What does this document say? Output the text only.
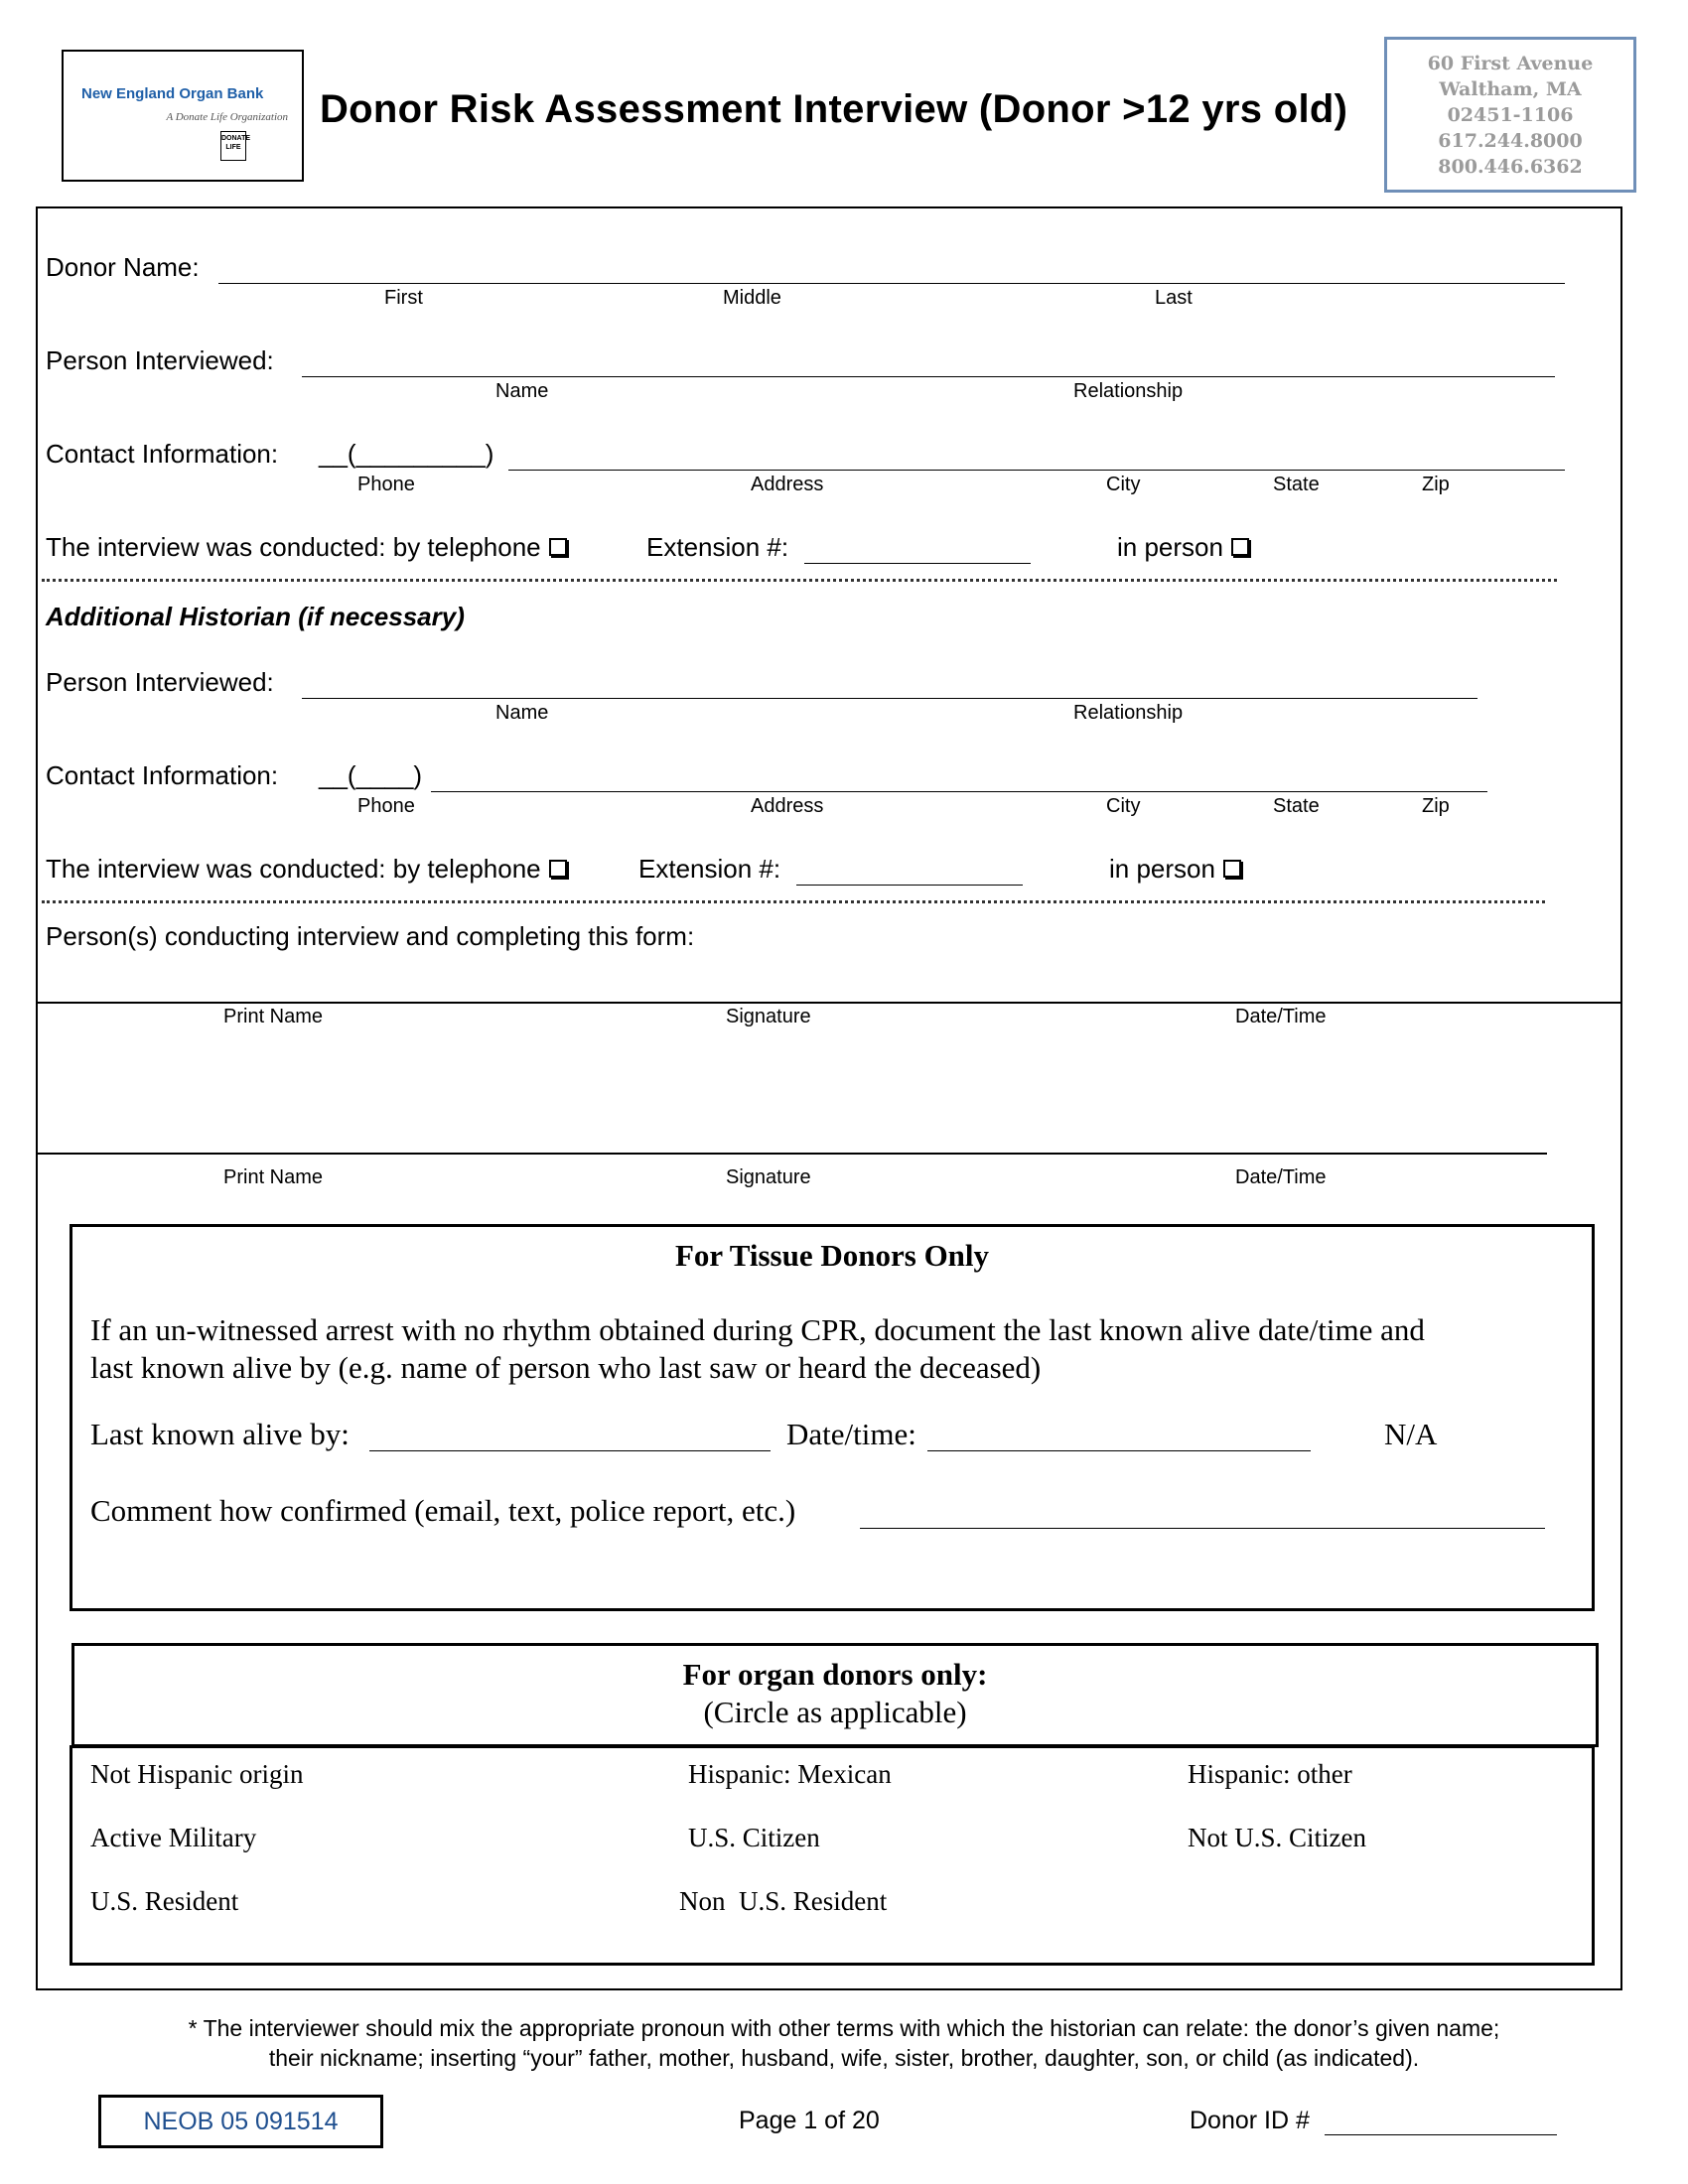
New England Organ Bank
A Donate Life Organization
DONATE
LIFE
Donor Risk Assessment Interview (Donor >12 yrs old)
60 First Avenue
Waltham, MA
02451-1106
617.244.8000
800.446.6362
Donor Name:
First	Middle	Last
Person Interviewed:
Name	Relationship
Contact Information: __(_________)
Phone	Address	City	State	Zip
The interview was conducted: by telephone	Extension #:	in person
Additional Historian (if necessary)
Person Interviewed:
Name	Relationship
Contact Information: __(____)
Phone	Address	City	State	Zip
The interview was conducted: by telephone	Extension #:	in person
Person(s) conducting interview and completing this form:
Print Name	Signature	Date/Time
Print Name	Signature	Date/Time
For Tissue Donors Only
If an un-witnessed arrest with no rhythm obtained during CPR, document the last known alive date/time and
last known alive by (e.g. name of person who last saw or heard the deceased)
Last known alive by:	Date/time:	N/A
Comment how confirmed (email, text, police report, etc.)
For organ donors only:
(Circle as applicable)
Not Hispanic origin	Hispanic: Mexican	Hispanic: other
Active Military	U.S. Citizen	Not U.S. Citizen
U.S. Resident	Non  U.S. Resident
* The interviewer should mix the appropriate pronoun with other terms with which the historian can relate: the donor’s given name;
their nickname; inserting “your” father, mother, husband, wife, sister, brother, daughter, son, or child (as indicated).
NEOB 05 091514	Page 1 of 20	Donor ID #
